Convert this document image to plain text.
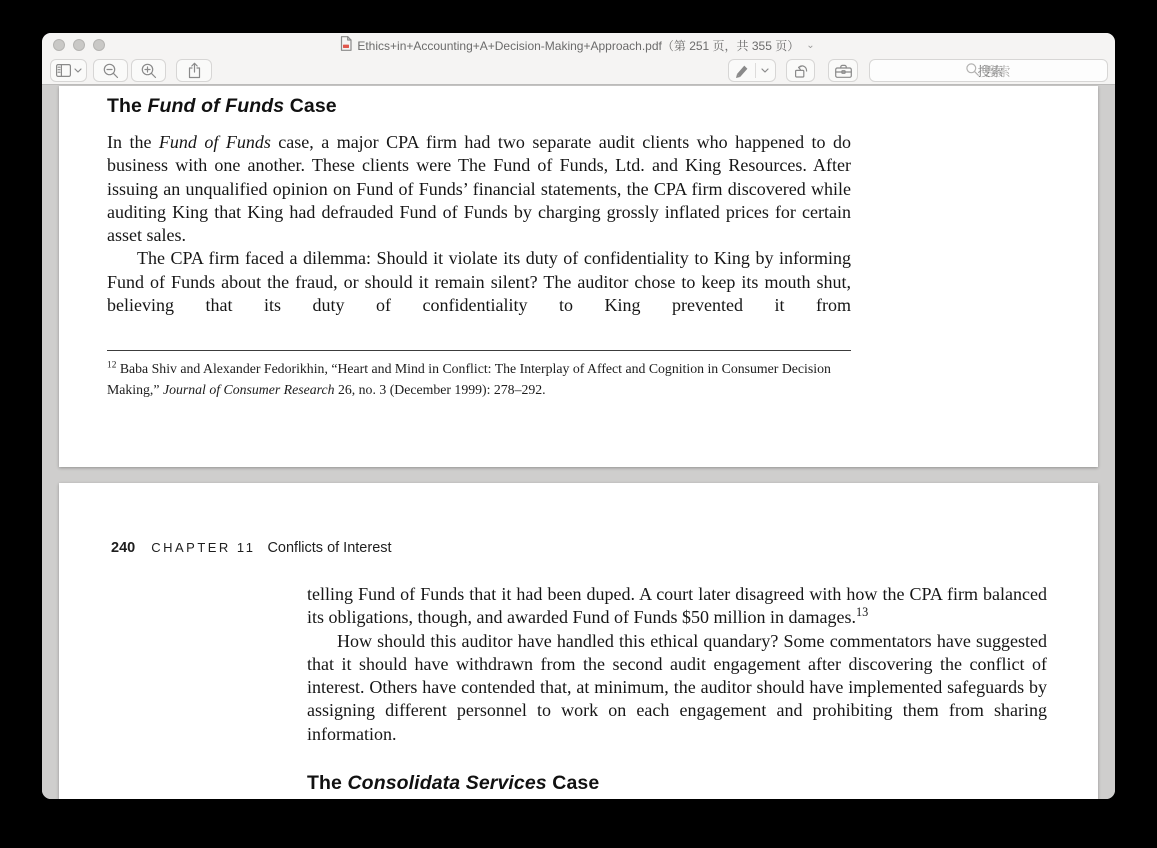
Ethics+in+Accounting+A+Decision-Making+Approach.pdf（第 251 页，共 355 页） ⌄
搜索
搜索
The Fund of Funds Case

In the Fund of Funds case, a major CPA firm had two separate audit clients who happened to do business with one another. These clients were The Fund of Funds, Ltd. and King Resources. After issuing an unqualified opinion on Fund of Funds’ financial statements, the CPA firm discovered while auditing King that King had defrauded Fund of Funds by charging grossly inflated prices for certain asset sales.

The CPA firm faced a dilemma: Should it violate its duty of confidentiality to King by informing Fund of Funds about the fraud, or should it remain silent? The auditor chose to keep its mouth shut, believing that its duty of confidentiality to King prevented it from

$^{12}$ Baba Shiv and Alexander Fedorikhin, “Heart and Mind in Conflict: The Interplay of Affect and Cognition in Consumer Decision Making,” Journal of Consumer Research 26, no. 3 (December 1999): 278–292.
240 CHAPTER 11 Conflicts of Interest

telling Fund of Funds that it had been duped. A court later disagreed with how the CPA firm balanced its obligations, though, and awarded Fund of Funds $50 million in damages.$^{13}$

How should this auditor have handled this ethical quandary? Some commentators have suggested that it should have withdrawn from the second audit engagement after discovering the conflict of interest. Others have contended that, at minimum, the auditor should have implemented safeguards by assigning different personnel to work on each engagement and prohibiting them from sharing information.

The Consolidata Services Case
